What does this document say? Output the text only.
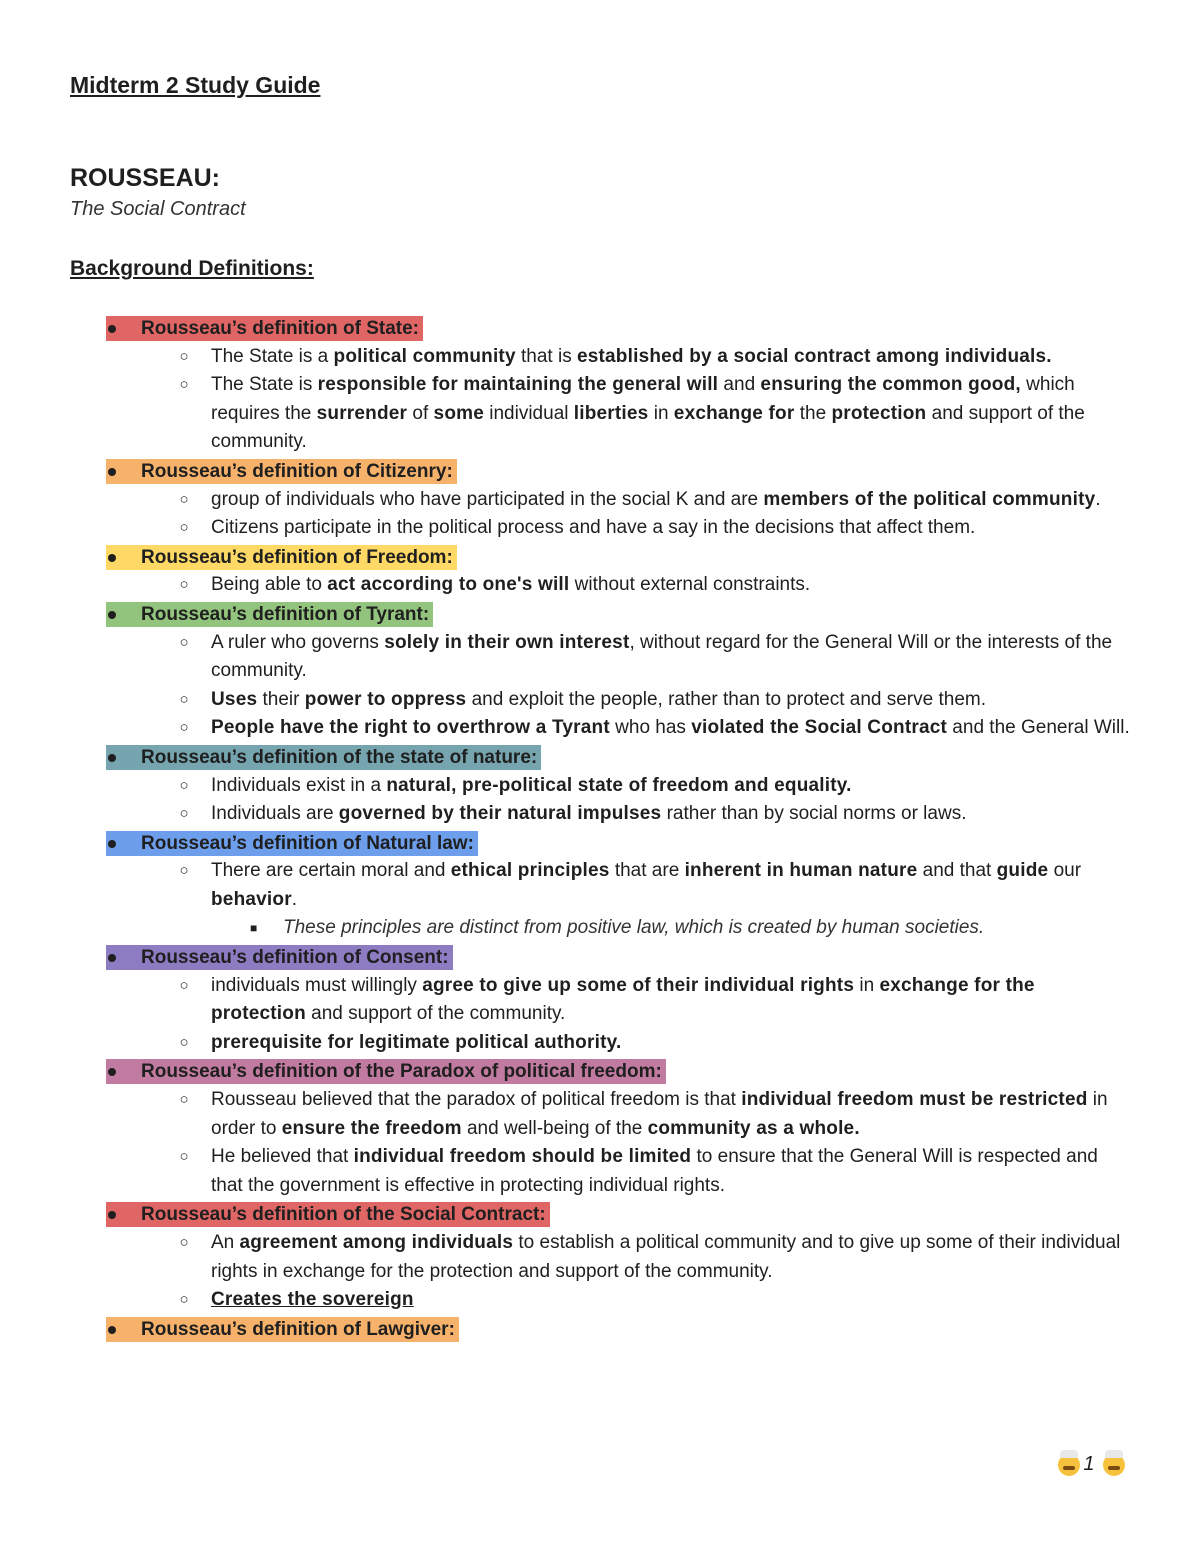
Midterm 2 Study Guide
ROUSSEAU:

The Social Contract

Background Definitions:
Rousseau’s definition of State:
○ The State is a political community that is established by a social contract among individuals.
○ The State is responsible for maintaining the general will and ensuring the common good, which requires the surrender of some individual liberties in exchange for the protection and support of the community.
Rousseau’s definition of Citizenry:
○ group of individuals who have participated in the social K and are members of the political community.
○ Citizens participate in the political process and have a say in the decisions that affect them.
Rousseau’s definition of Freedom:
○ Being able to act according to one's will without external constraints.
Rousseau’s definition of Tyrant:
○ A ruler who governs solely in their own interest, without regard for the General Will or the interests of the community.
○ Uses their power to oppress and exploit the people, rather than to protect and serve them.
○ People have the right to overthrow a Tyrant who has violated the Social Contract and the General Will.
Rousseau’s definition of the state of nature:
○ Individuals exist in a natural, pre-political state of freedom and equality.
○ Individuals are governed by their natural impulses rather than by social norms or laws.
Rousseau’s definition of Natural law:
○ There are certain moral and ethical principles that are inherent in human nature and that guide our behavior.
■ These principles are distinct from positive law, which is created by human societies.
Rousseau’s definition of Consent:
○ individuals must willingly agree to give up some of their individual rights in exchange for the protection and support of the community.
○ prerequisite for legitimate political authority.
Rousseau’s definition of the Paradox of political freedom:
○ Rousseau believed that the paradox of political freedom is that individual freedom must be restricted in order to ensure the freedom and well-being of the community as a whole.
○ He believed that individual freedom should be limited to ensure that the General Will is respected and that the government is effective in protecting individual rights.
Rousseau’s definition of the Social Contract:
○ An agreement among individuals to establish a political community and to give up some of their individual rights in exchange for the protection and support of the community.
○ Creates the sovereign
Rousseau’s definition of Lawgiver:
1
